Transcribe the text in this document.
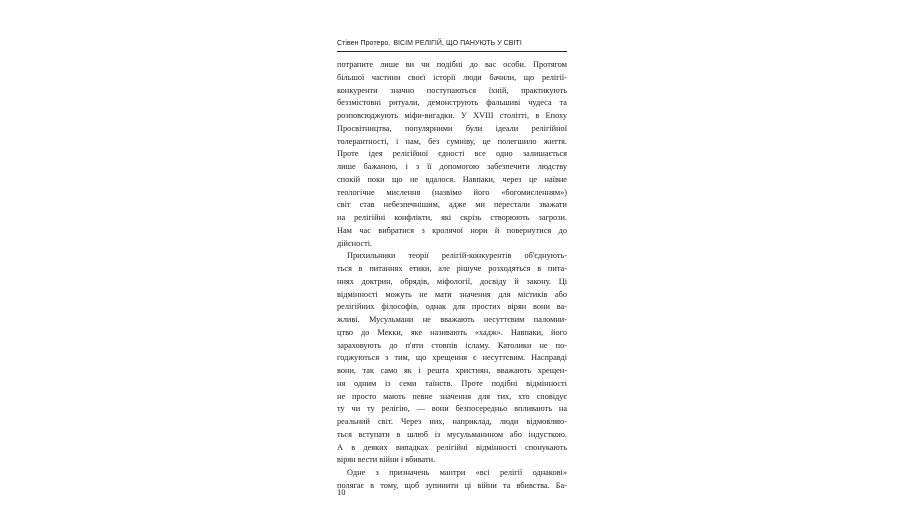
Стівен Протеро. ВІСІМ РЕЛІГІЙ, ЩО ПАНУЮТЬ У СВІТІ
потрапите лише ви чи подібні до вас особи. Протягом
більшої частини своєї історії люди бачили, що релігії-
конкуренти значно поступаються їхній, практикують
беззмістовні ритуали, демонструють фальшиві чудеса та
розповсюджують міфи-вигадки. У XVIII столітті, в Епоху
Просвітництва, популярними були ідеали релігійної
толерантності, і нам, без сумніву, це полегшило життя.
Проте ідея релігійної єдності все одно залишається
лише бажаною, і з її допомогою забезпечити людству
спокій поки що не вдалося. Навпаки, через це наївне
теологічне мислення (назвімо його «богомисленням»)
світ став небезпечнішим, адже ми перестали зважати
на релігійні конфлікти, які скрізь створюють загрози.
Нам час вибратися з кролячої нори й повернутися до
дійсності.
Прихильники теорії релігій-конкурентів об'єднують-
ться в питаннях етики, але рішуче розходяться в пита-
ннях доктрин, обрядів, міфології, досвіду й закону. Ці
відмінності можуть не мати значення для містиків або
релігійних філософів, однак для простих вірян вони ва-
жливі. Мусульмани не вважають несуттєвим паломни-
цтво до Мекки, яке називають «хадж». Навпаки, його
зараховують до п'яти стовпів ісламу. Католики не по-
годжуються з тим, що хрещення є несуттєвим. Насправді
вони, так само як і решта християн, вважають хрещен-
ня одним із семи таїнств. Проте подібні відмінності
не просто мають певне значення для тих, хто сповідує
ту чи ту релігію, — вони безпосередньо впливають на
реальний світ. Через них, наприклад, люди відмовляю-
ться вступати в шлюб із мусульманином або індусткою.
А в деяких випадках релігійні відмінності спонукають
вірян вести війни і вбивати.
Одне з призначень мантри «всі релігії однакові»
полягає в тому, щоб зупинити ці війни та вбивства. Ба-
10
